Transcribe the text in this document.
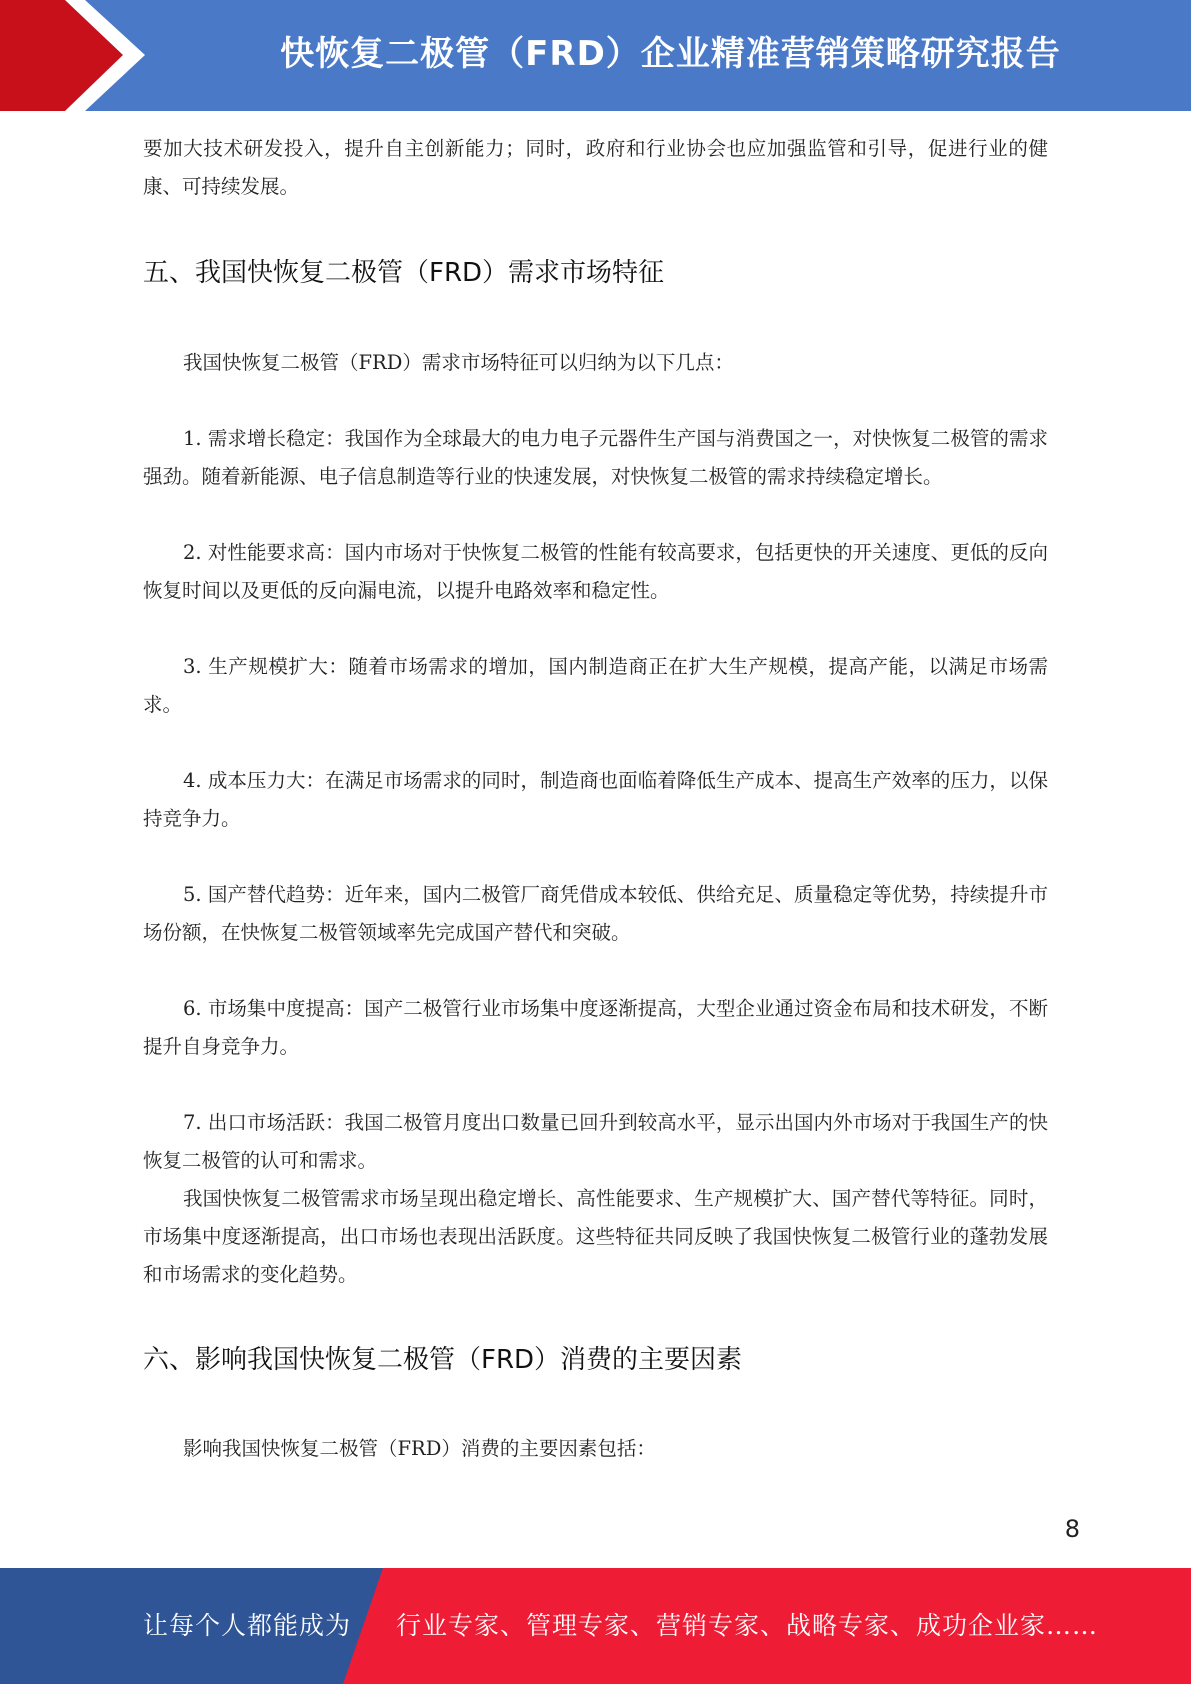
快恢复二极管（FRD）企业精准营销策略研究报告

要加大技术研发投入，提升自主创新能力；同时，政府和行业协会也应加强监管和引导，促进行业的健康、可持续发展。

五、我国快恢复二极管（FRD）需求市场特征

我国快恢复二极管（FRD）需求市场特征可以归纳为以下几点：

1. 需求增长稳定：我国作为全球最大的电力电子元器件生产国与消费国之一，对快恢复二极管的需求强劲。随着新能源、电子信息制造等行业的快速发展，对快恢复二极管的需求持续稳定增长。

2. 对性能要求高：国内市场对于快恢复二极管的性能有较高要求，包括更快的开关速度、更低的反向恢复时间以及更低的反向漏电流，以提升电路效率和稳定性。

3. 生产规模扩大：随着市场需求的增加，国内制造商正在扩大生产规模，提高产能，以满足市场需求。

4. 成本压力大：在满足市场需求的同时，制造商也面临着降低生产成本、提高生产效率的压力，以保持竞争力。

5. 国产替代趋势：近年来，国内二极管厂商凭借成本较低、供给充足、质量稳定等优势，持续提升市场份额，在快恢复二极管领域率先完成国产替代和突破。

6. 市场集中度提高：国产二极管行业市场集中度逐渐提高，大型企业通过资金布局和技术研发，不断提升自身竞争力。

7. 出口市场活跃：我国二极管月度出口数量已回升到较高水平，显示出国内外市场对于我国生产的快恢复二极管的认可和需求。

我国快恢复二极管需求市场呈现出稳定增长、高性能要求、生产规模扩大、国产替代等特征。同时，市场集中度逐渐提高，出口市场也表现出活跃度。这些特征共同反映了我国快恢复二极管行业的蓬勃发展和市场需求的变化趋势。

六、影响我国快恢复二极管（FRD）消费的主要因素

影响我国快恢复二极管（FRD）消费的主要因素包括：

8
让每个人都能成为 行业专家、管理专家、营销专家、战略专家、成功企业家……
